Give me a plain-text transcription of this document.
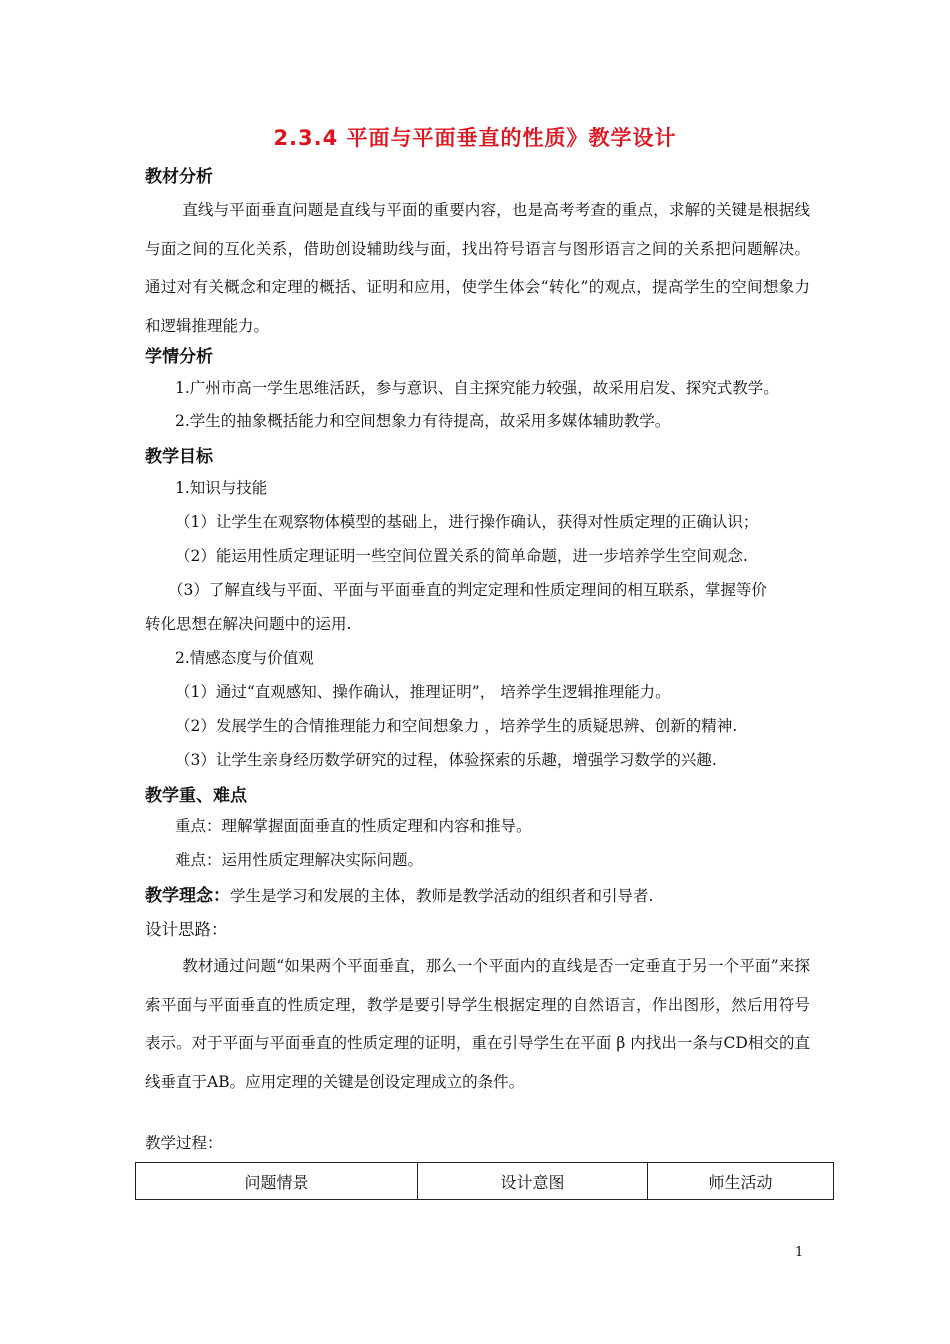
2.3.4 平面与平面垂直的性质》教学设计
教材分析
直线与平面垂直问题是直线与平面的重要内容，也是高考考查的重点，求解的关键是根据线与面之间的互化关系，借助创设辅助线与面，找出符号语言与图形语言之间的关系把问题解决。通过对有关概念和定理的概括、证明和应用，使学生体会“转化”的观点，提高学生的空间想象力和逻辑推理能力。
学情分析
1.广州市高一学生思维活跃，参与意识、自主探究能力较强，故采用启发、探究式教学。
2.学生的抽象概括能力和空间想象力有待提高，故采用多媒体辅助教学。
教学目标
1.知识与技能
（1）让学生在观察物体模型的基础上，进行操作确认，获得对性质定理的正确认识；
（2）能运用性质定理证明一些空间位置关系的简单命题，进一步培养学生空间观念.
（3）了解直线与平面、平面与平面垂直的判定定理和性质定理间的相互联系，掌握等价
转化思想在解决问题中的运用.
2.情感态度与价值观
（1）通过“直观感知、操作确认，推理证明”， 培养学生逻辑推理能力。
（2）发展学生的合情推理能力和空间想象力 ，培养学生的质疑思辨、创新的精神.
（3）让学生亲身经历数学研究的过程，体验探索的乐趣，增强学习数学的兴趣.
教学重、难点
重点：理解掌握面面垂直的性质定理和内容和推导。
难点：运用性质定理解决实际问题。
教学理念：学生是学习和发展的主体，教师是教学活动的组织者和引导者.
设计思路：
教材通过问题“如果两个平面垂直，那么一个平面内的直线是否一定垂直于另一个平面”来探索平面与平面垂直的性质定理，教学是要引导学生根据定理的自然语言，作出图形，然后用符号表示。对于平面与平面垂直的性质定理的证明，重在引导学生在平面 β 内找出一条与CD相交的直线垂直于AB。应用定理的关键是创设定理成立的条件。
教学过程：
问题情景	设计意图	师生活动
1
